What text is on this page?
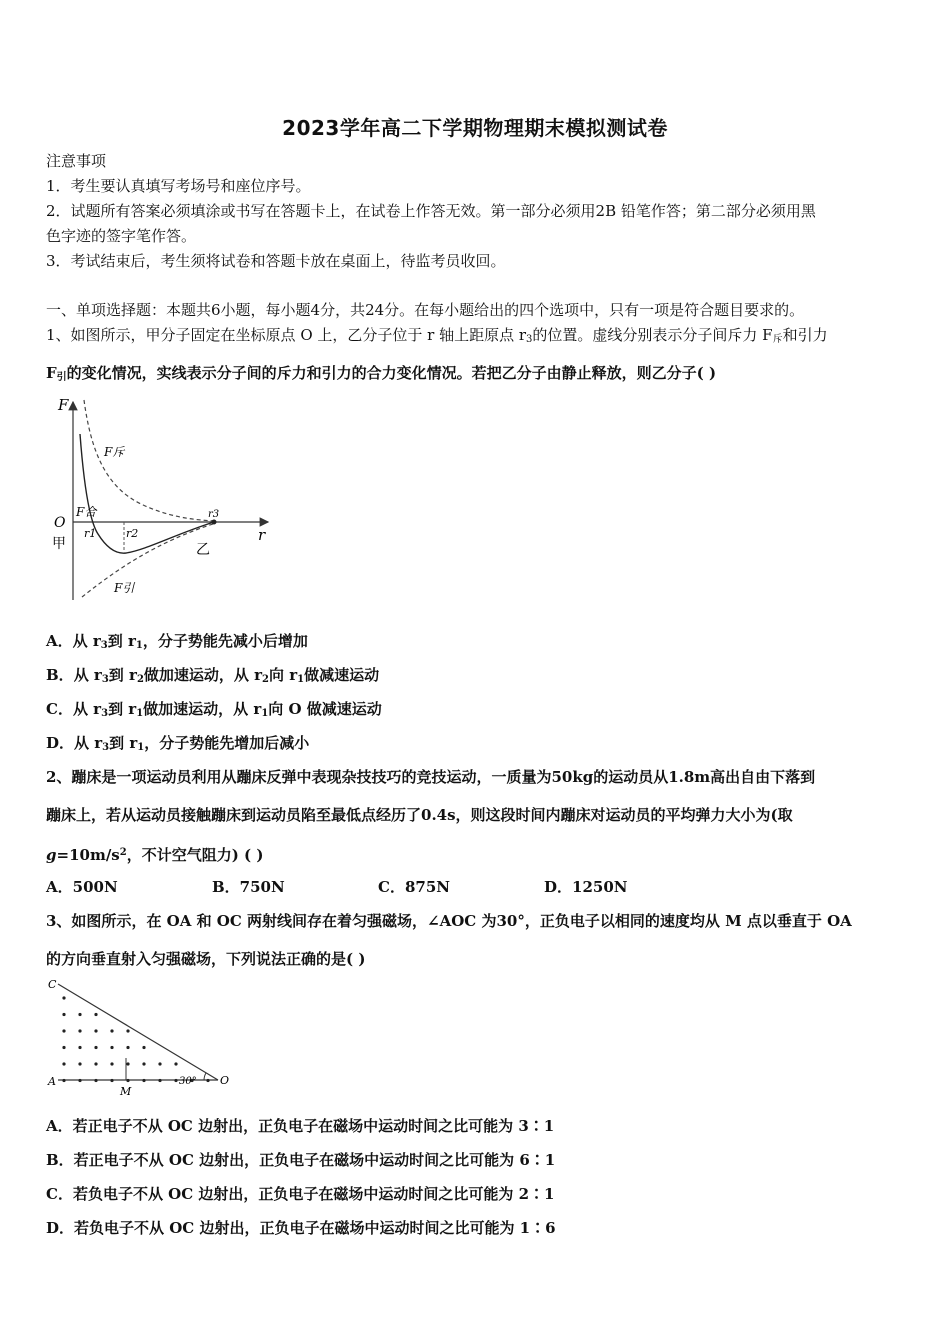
2023学年高二下学期物理期末模拟测试卷
注意事项
1．考生要认真填写考场号和座位序号。
2．试题所有答案必须填涂或书写在答题卡上，在试卷上作答无效。第一部分必须用2B 铅笔作答；第二部分必须用黑
色字迹的签字笔作答。
3．考试结束后，考生须将试卷和答题卡放在桌面上，待监考员收回。
一、单项选择题：本题共6小题，每小题4分，共24分。在每小题给出的四个选项中，只有一项是符合题目要求的。
1、如图所示，甲分子固定在坐标原点 O 上，乙分子位于 r 轴上距原点 $r_3$的位置。虚线分别表示分子间斥力 $F_斥$和引力
$F_引$的变化情况，实线表示分子间的斥力和引力的合力变化情况。若把乙分子由静止释放，则乙分子( )
F
r
O
甲	乙
F斥
F引
F合
r1	r2
r3
A．从 $r_3$到 $r_1$，分子势能先减小后增加
B．从 $r_3$到 $r_2$做加速运动，从 $r_2$向 $r_1$做减速运动
C．从 $r_3$到 $r_1$做加速运动，从 $r_1$向 O 做减速运动
D．从 $r_3$到 $r_1$，分子势能先增加后减小
2、蹦床是一项运动员利用从蹦床反弹中表现杂技技巧的竞技运动，一质量为50kg的运动员从1.8m高出自由下落到
蹦床上，若从运动员接触蹦床到运动员陷至最低点经历了0.4s，则这段时间内蹦床对运动员的平均弹力大小为(取
$g=10m/s^2$，不计空气阻力) ( )
A．500N	B．750N	C．875N	D．1250N
3、如图所示，在 OA 和 OC 两射线间存在着匀强磁场，∠AOC 为30°，正负电子以相同的速度均从 M 点以垂直于 OA
的方向垂直射入匀强磁场，下列说法正确的是( )
C
A	O
M
30°
A．若正电子不从 OC 边射出，正负电子在磁场中运动时间之比可能为 3∶1
B．若正电子不从 OC 边射出，正负电子在磁场中运动时间之比可能为 6∶1
C．若负电子不从 OC 边射出，正负电子在磁场中运动时间之比可能为 2∶1
D．若负电子不从 OC 边射出，正负电子在磁场中运动时间之比可能为 1∶6
